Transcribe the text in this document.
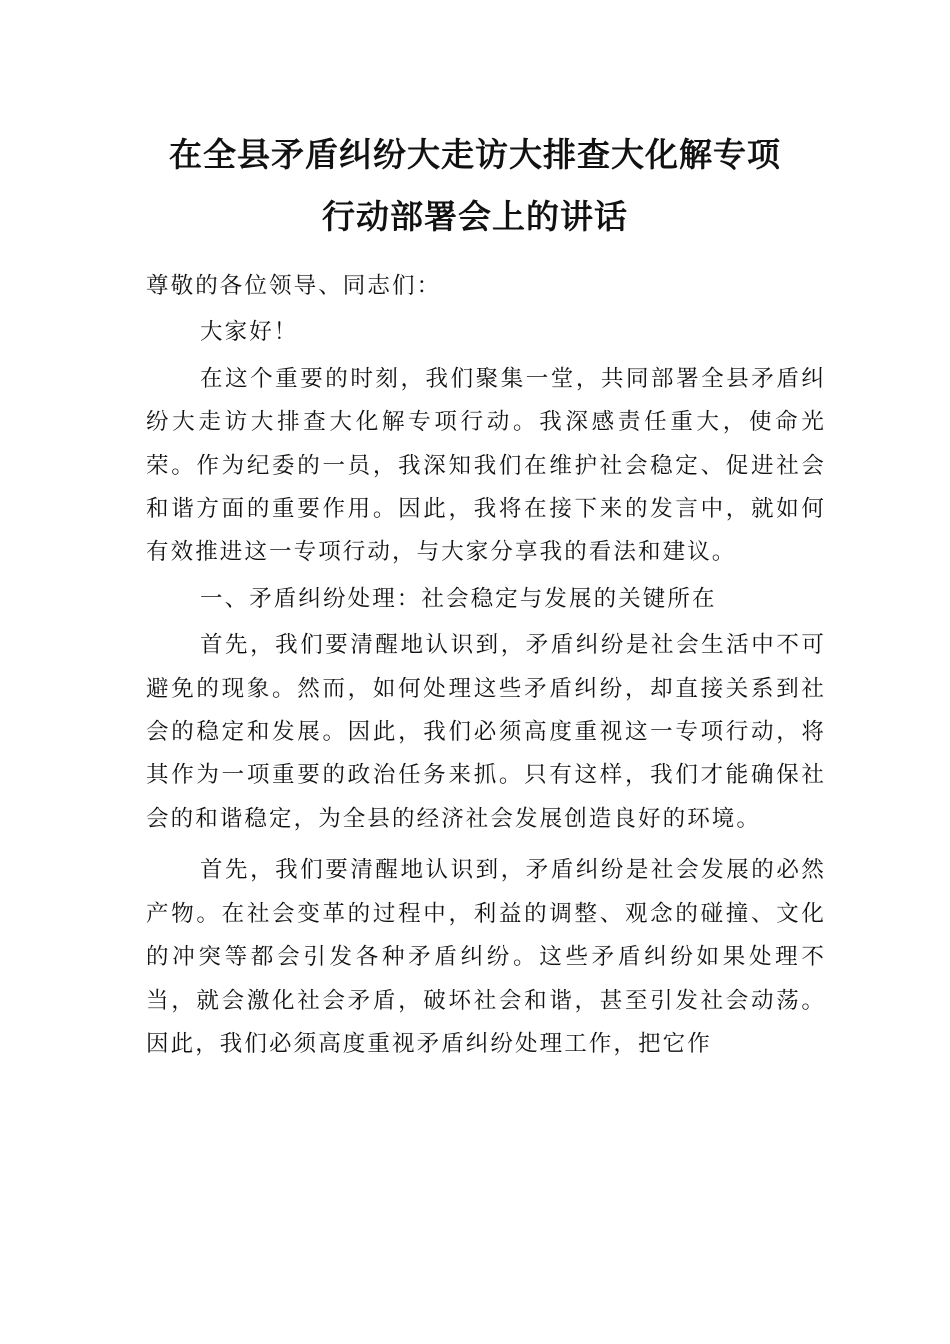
在全县矛盾纠纷大走访大排查大化解专项
行动部署会上的讲话

尊敬的各位领导、同志们：

大家好！

在这个重要的时刻，我们聚集一堂，共同部署全县矛盾纠纷大走访大排查大化解专项行动。我深感责任重大，使命光荣。作为纪委的一员，我深知我们在维护社会稳定、促进社会和谐方面的重要作用。因此，我将在接下来的发言中，就如何有效推进这一专项行动，与大家分享我的看法和建议。

一、矛盾纠纷处理：社会稳定与发展的关键所在

首先，我们要清醒地认识到，矛盾纠纷是社会生活中不可避免的现象。然而，如何处理这些矛盾纠纷，却直接关系到社会的稳定和发展。因此，我们必须高度重视这一专项行动，将其作为一项重要的政治任务来抓。只有这样，我们才能确保社会的和谐稳定，为全县的经济社会发展创造良好的环境。

首先，我们要清醒地认识到，矛盾纠纷是社会发展的必然产物。在社会变革的过程中，利益的调整、观念的碰撞、文化的冲突等都会引发各种矛盾纠纷。这些矛盾纠纷如果处理不当，就会激化社会矛盾，破坏社会和谐，甚至引发社会动荡。因此，我们必须高度重视矛盾纠纷处理工作，把它作
